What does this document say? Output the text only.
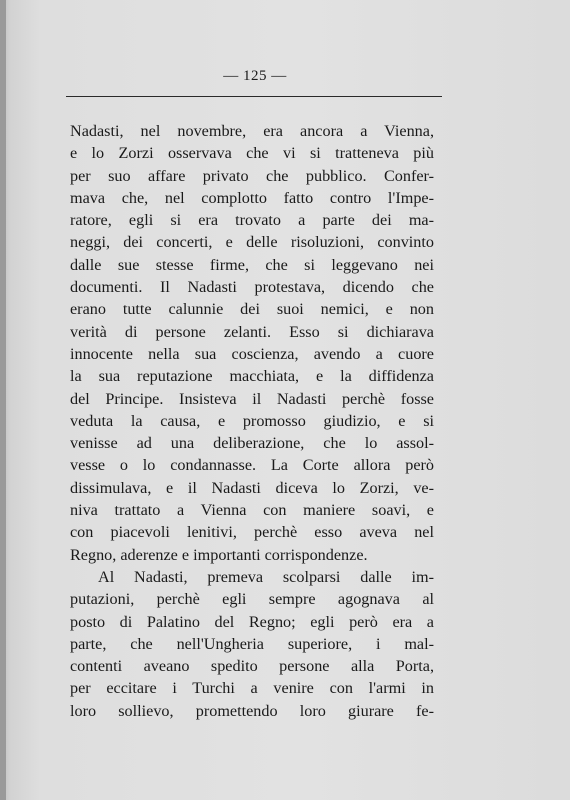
— 125 —
Nadasti, nel novembre, era ancora a Vienna,
e lo Zorzi osservava che vi si tratteneva più
per suo affare privato che pubblico. Confer-
mava che, nel complotto fatto contro l'Impe-
ratore, egli si era trovato a parte dei ma-
neggi, dei concerti, e delle risoluzioni, convinto
dalle sue stesse firme, che si leggevano nei
documenti. Il Nadasti protestava, dicendo che
erano tutte calunnie dei suoi nemici, e non
verità di persone zelanti. Esso si dichiarava
innocente nella sua coscienza, avendo a cuore
la sua reputazione macchiata, e la diffidenza
del Principe. Insisteva il Nadasti perchè fosse
veduta la causa, e promosso giudizio, e si
venisse ad una deliberazione, che lo assol-
vesse o lo condannasse. La Corte allora però
dissimulava, e il Nadasti diceva lo Zorzi, ve-
niva trattato a Vienna con maniere soavi, e
con piacevoli lenitivi, perchè esso aveva nel
Regno, aderenze e importanti corrispondenze.
Al Nadasti, premeva scolparsi dalle im-
putazioni, perchè egli sempre agognava al
posto di Palatino del Regno; egli però era a
parte, che nell'Ungheria superiore, i mal-
contenti aveano spedito persone alla Porta,
per eccitare i Turchi a venire con l'armi in
loro sollievo, promettendo loro giurare fe-
